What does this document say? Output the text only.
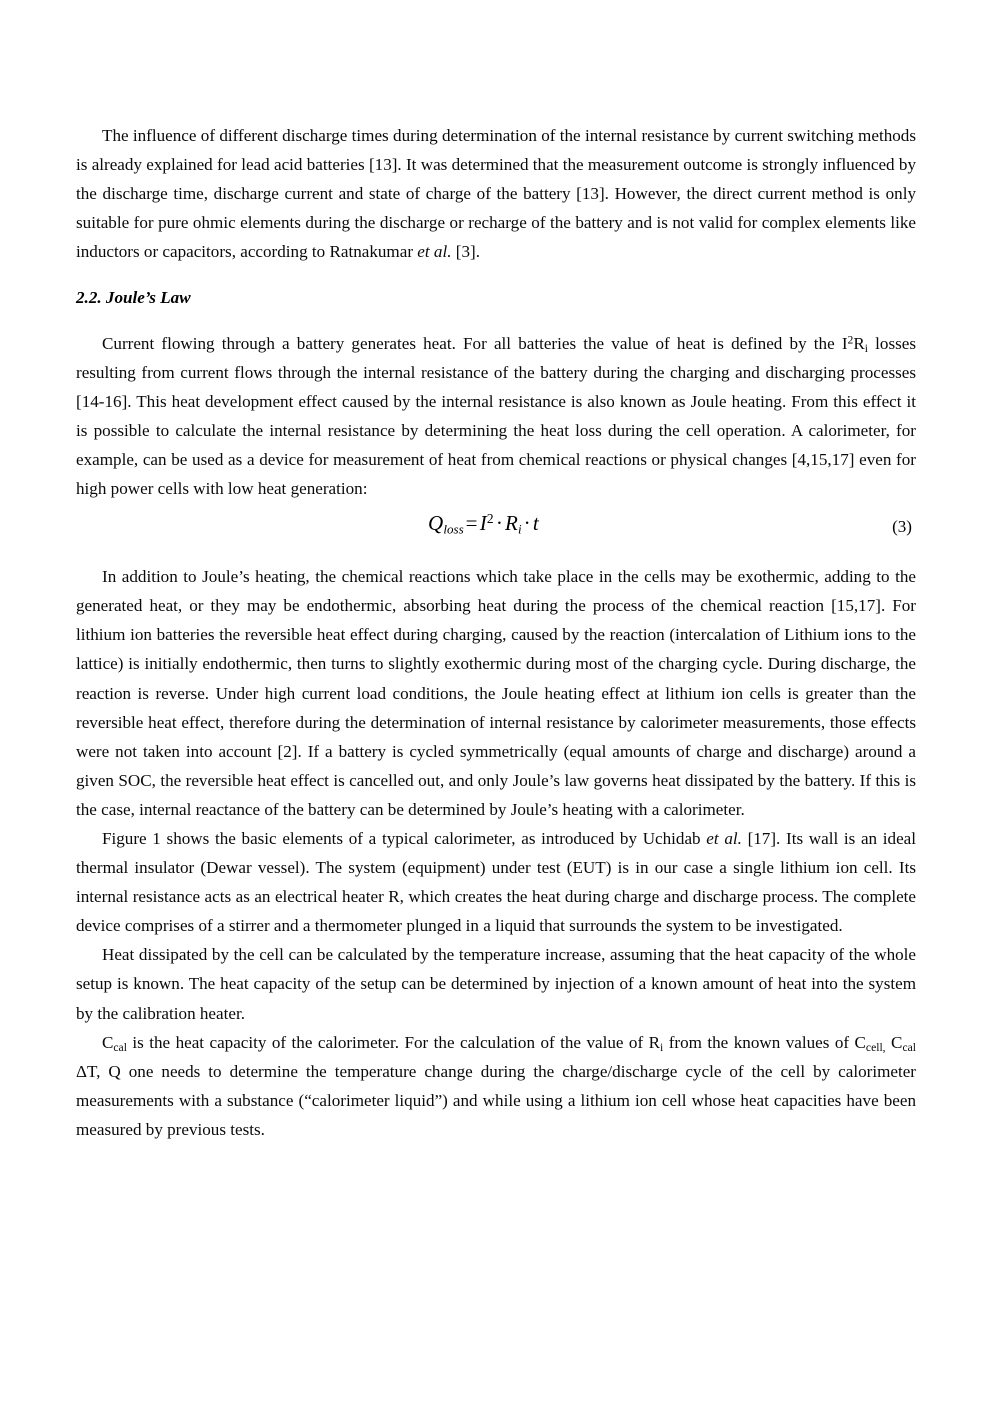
The influence of different discharge times during determination of the internal resistance by current switching methods is already explained for lead acid batteries [13]. It was determined that the measurement outcome is strongly influenced by the discharge time, discharge current and state of charge of the battery [13]. However, the direct current method is only suitable for pure ohmic elements during the discharge or recharge of the battery and is not valid for complex elements like inductors or capacitors, according to Ratnakumar et al. [3].

2.2. Joule’s Law

Current flowing through a battery generates heat. For all batteries the value of heat is defined by the $I^2R_i$ losses resulting from current flows through the internal resistance of the battery during the charging and discharging processes [14-16]. This heat development effect caused by the internal resistance is also known as Joule heating. From this effect it is possible to calculate the internal resistance by determining the heat loss during the cell operation. A calorimeter, for example, can be used as a device for measurement of heat from chemical reactions or physical changes [4,15,17] even for high power cells with low heat generation:

$Q_{loss}=I^2\cdot R_i\cdot t$	(3)

In addition to Joule’s heating, the chemical reactions which take place in the cells may be exothermic, adding to the generated heat, or they may be endothermic, absorbing heat during the process of the chemical reaction [15,17]. For lithium ion batteries the reversible heat effect during charging, caused by the reaction (intercalation of Lithium ions to the lattice) is initially endothermic, then turns to slightly exothermic during most of the charging cycle. During discharge, the reaction is reverse. Under high current load conditions, the Joule heating effect at lithium ion cells is greater than the reversible heat effect, therefore during the determination of internal resistance by calorimeter measurements, those effects were not taken into account [2]. If a battery is cycled symmetrically (equal amounts of charge and discharge) around a given SOC, the reversible heat effect is cancelled out, and only Joule’s law governs heat dissipated by the battery. If this is the case, internal reactance of the battery can be determined by Joule’s heating with a calorimeter.

Figure 1 shows the basic elements of a typical calorimeter, as introduced by Uchidab et al. [17]. Its wall is an ideal thermal insulator (Dewar vessel). The system (equipment) under test (EUT) is in our case a single lithium ion cell. Its internal resistance acts as an electrical heater R, which creates the heat during charge and discharge process. The complete device comprises of a stirrer and a thermometer plunged in a liquid that surrounds the system to be investigated.

Heat dissipated by the cell can be calculated by the temperature increase, assuming that the heat capacity of the whole setup is known. The heat capacity of the setup can be determined by injection of a known amount of heat into the system by the calibration heater.

$C_{cal}$ is the heat capacity of the calorimeter. For the calculation of the value of $R_i$ from the known values of $C_{cell,}$ $C_{cal}$ ΔT, Q one needs to determine the temperature change during the charge/discharge cycle of the cell by calorimeter measurements with a substance (“calorimeter liquid”) and while using a lithium ion cell whose heat capacities have been measured by previous tests.
